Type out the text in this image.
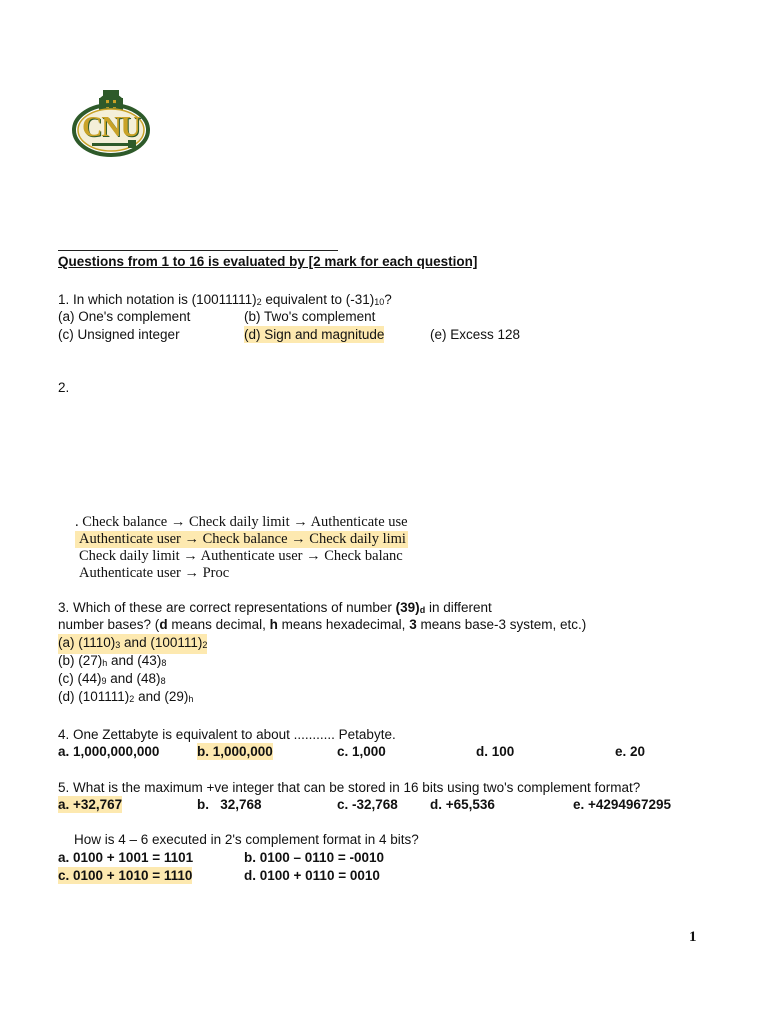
CNU
Questions from 1 to 16 is evaluated by [2 mark for each question]
1. In which notation is $(10011111)_2$ equivalent to $(-31)_{10}$?
(a) One's complement	(b) Two's complement
(c) Unsigned integer	(d) Sign and magnitude	(e) Excess 128
2.
. Check balance → Check daily limit → Authenticate use
Authenticate user → Check balance → Check daily limi
Check daily limit → Authenticate user → Check balanc
Authenticate user → Proc
3. Which of these are correct representations of number $(39)_d$ in different
number bases? (d means decimal, h means hexadecimal, 3 means base-3 system, etc.)
(a) $(1110)_3$ and $(100111)_2$
(b) $(27)_h$ and $(43)_8$
(c) $(44)_9$ and $(48)_8$
(d) $(101111)_2$ and $(29)_h$
4. One Zettabyte is equivalent to about ........... Petabyte.
a. 1,000,000,000	b. 1,000,000	c. 1,000	d. 100	e. 20
5. What is the maximum +ve integer that can be stored in 16 bits using two's complement format?
a. +32,767	b.   32,768	c. -32,768 d. +65,536	e. +4294967295
How is 4 – 6 executed in 2's complement format in 4 bits?
a. 0100 + 1001 = 1101	b. 0100 – 0110 = -0010
c. 0100 + 1010 = 1110	d. 0100 + 0110 = 0010
1
